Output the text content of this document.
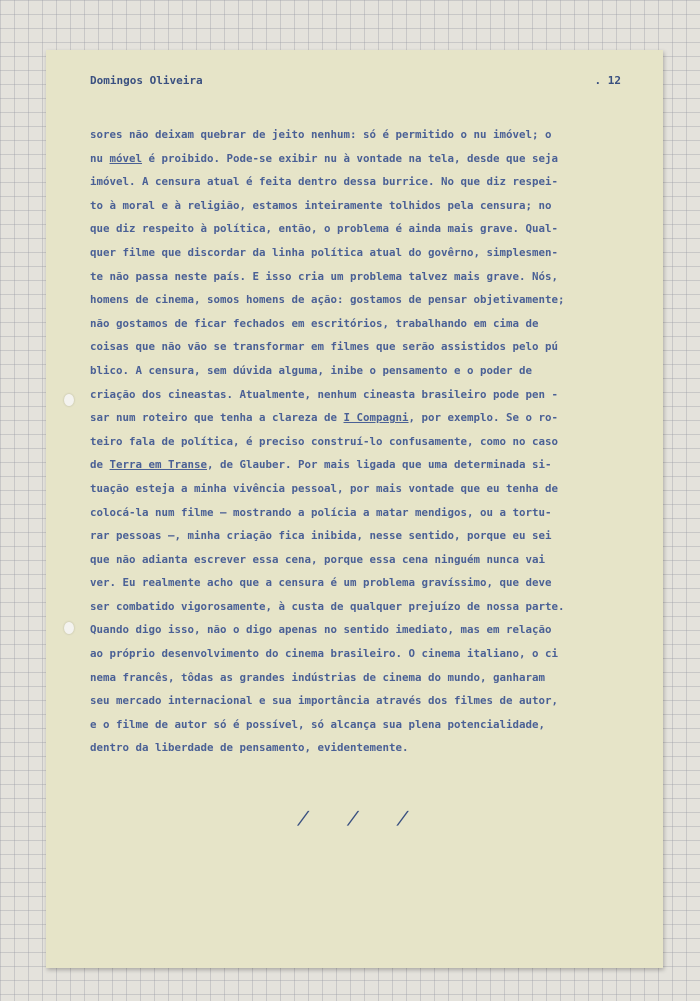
Domingos Oliveira	. 12
sores não deixam quebrar de jeito nenhum: só é permitido o nu imóvel; o
nu móvel é proibido. Pode-se exibir nu à vontade na tela, desde que seja
imóvel. A censura atual é feita dentro dessa burrice. No que diz respei-
to à moral e à religião, estamos inteiramente tolhidos pela censura; no
que diz respeito à política, então, o problema é ainda mais grave. Qual-
quer filme que discordar da linha política atual do govêrno, simplesmen-
te não passa neste país. E isso cria um problema talvez mais grave. Nós,
homens de cinema, somos homens de ação: gostamos de pensar objetivamente;
não gostamos de ficar fechados em escritórios, trabalhando em cima de
coisas que não vão se transformar em filmes que serão assistidos pelo pú
blico. A censura, sem dúvida alguma, inibe o pensamento e o poder de
criação dos cineastas. Atualmente, nenhum cineasta brasileiro pode pen -
sar num roteiro que tenha a clareza de I Compagni, por exemplo. Se o ro-
teiro fala de política, é preciso construí-lo confusamente, como no caso
de Terra em Transe, de Glauber. Por mais ligada que uma determinada si-
tuação esteja a minha vivência pessoal, por mais vontade que eu tenha de
colocá-la num filme — mostrando a polícia a matar mendigos, ou a tortu-
rar pessoas —, minha criação fica inibida, nesse sentido, porque eu sei
que não adianta escrever essa cena, porque essa cena ninguém nunca vai
ver. Eu realmente acho que a censura é um problema gravíssimo, que deve
ser combatido vigorosamente, à custa de qualquer prejuízo de nossa parte.
Quando digo isso, não o digo apenas no sentido imediato, mas em relação
ao próprio desenvolvimento do cinema brasileiro. O cinema italiano, o ci
nema francês, tôdas as grandes indústrias de cinema do mundo, ganharam
seu mercado internacional e sua importância através dos filmes de autor,
e o filme de autor só é possível, só alcança sua plena potencialidade,
dentro da liberdade de pensamento, evidentemente.
/ / /
